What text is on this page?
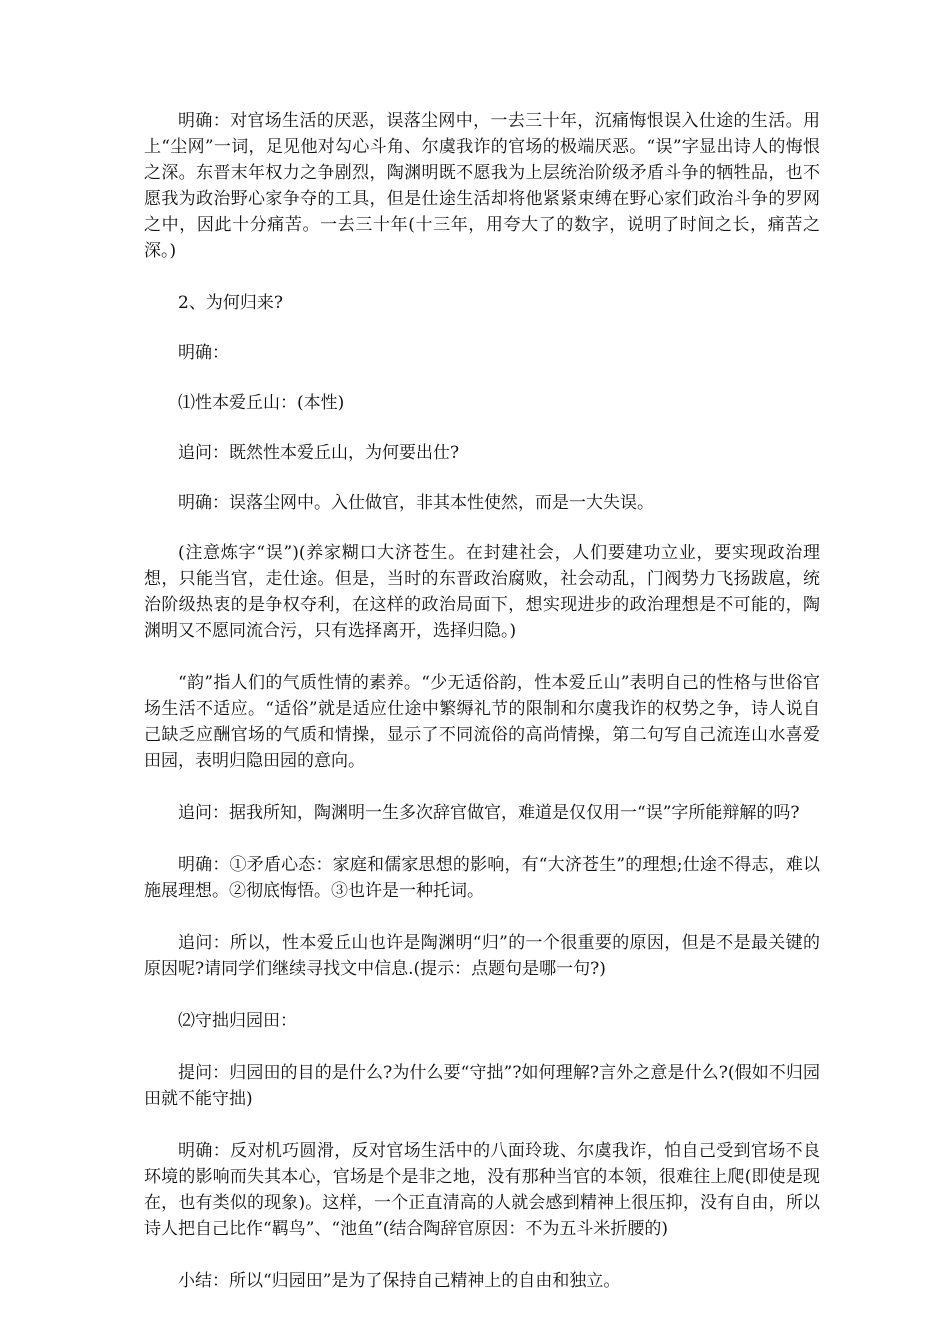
明确：对官场生活的厌恶，误落尘网中，一去三十年，沉痛悔恨误入仕途的生活。用上“尘网”一词，足见他对勾心斗角、尔虞我诈的官场的极端厌恶。“误”字显出诗人的悔恨之深。东晋末年权力之争剧烈，陶渊明既不愿我为上层统治阶级矛盾斗争的牺牲品，也不愿我为政治野心家争夺的工具，但是仕途生活却将他紧紧束缚在野心家们政治斗争的罗网之中，因此十分痛苦。一去三十年(十三年，用夸大了的数字，说明了时间之长，痛苦之深。)

2、为何归来?

明确：

⑴性本爱丘山：(本性)

追问：既然性本爱丘山，为何要出仕?

明确：误落尘网中。入仕做官，非其本性使然，而是一大失误。

(注意炼字“误”)(养家糊口大济苍生。在封建社会，人们要建功立业，要实现政治理想，只能当官，走仕途。但是，当时的东晋政治腐败，社会动乱，门阀势力飞扬跋扈，统治阶级热衷的是争权夺利，在这样的政治局面下，想实现进步的政治理想是不可能的，陶渊明又不愿同流合污，只有选择离开，选择归隐。)

“韵”指人们的气质性情的素养。“少无适俗韵，性本爱丘山”表明自己的性格与世俗官场生活不适应。“适俗”就是适应仕途中繁缛礼节的限制和尔虞我诈的权势之争，诗人说自己缺乏应酬官场的气质和情操，显示了不同流俗的高尚情操，第二句写自己流连山水喜爱田园，表明归隐田园的意向。

追问：据我所知，陶渊明一生多次辞官做官，难道是仅仅用一“误”字所能辩解的吗?

明确：①矛盾心态：家庭和儒家思想的影响，有“大济苍生”的理想;仕途不得志，难以施展理想。②彻底悔悟。③也许是一种托词。

追问：所以，性本爱丘山也许是陶渊明“归”的一个很重要的原因，但是不是最关键的原因呢?请同学们继续寻找文中信息.(提示：点题句是哪一句?)

⑵守拙归园田：

提问：归园田的目的是什么?为什么要“守拙”?如何理解?言外之意是什么?(假如不归园田就不能守拙)

明确：反对机巧圆滑，反对官场生活中的八面玲珑、尔虞我诈，怕自己受到官场不良环境的影响而失其本心，官场是个是非之地，没有那种当官的本领，很难往上爬(即使是现在，也有类似的现象)。这样，一个正直清高的人就会感到精神上很压抑，没有自由，所以诗人把自己比作“羁鸟”、“池鱼”(结合陶辞官原因：不为五斗米折腰的)

小结：所以“归园田”是为了保持自己精神上的自由和独立。
